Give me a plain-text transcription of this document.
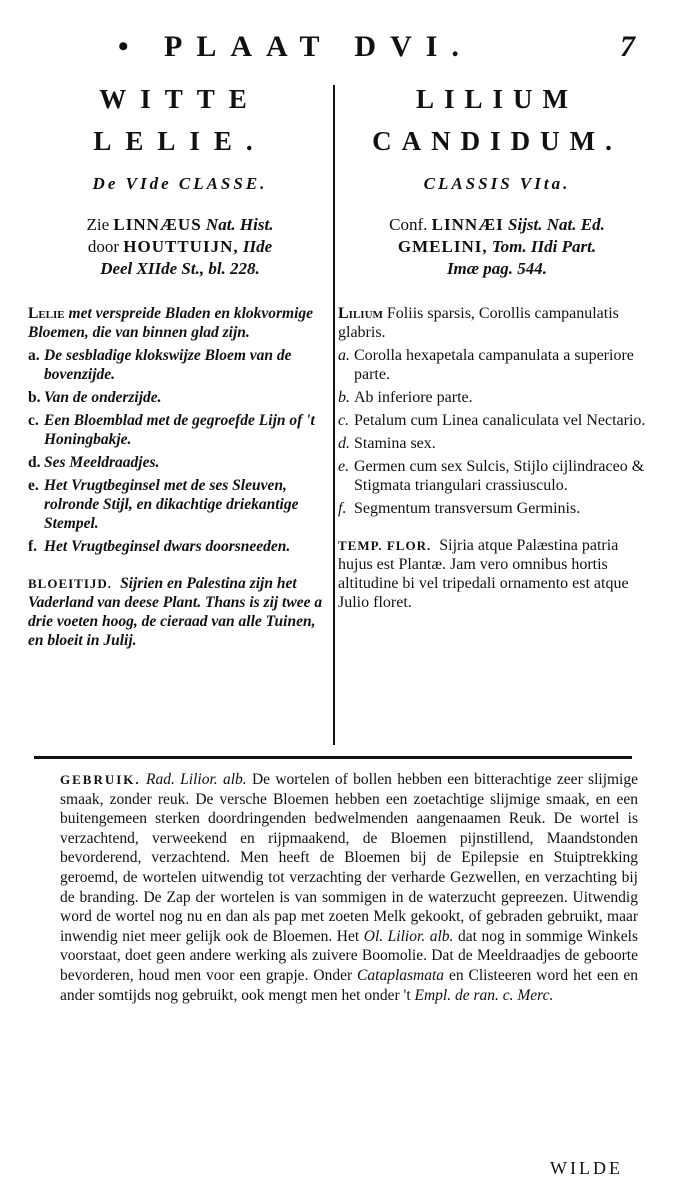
• PLAAT DVI.	7
WITTE
LELIE.
De VIde CLASSE.
Zie LINNÆUS Nat. Hist.
door HOUTTUIJN, IIde
Deel XIIde St., bl. 228.
Lelie met verspreide Bladen en klokvormige Bloemen, die van binnen glad zijn.
a. De sesbladige klokswijze Bloem van de bovenzijde.
b. Van de onderzijde.
c. Een Bloemblad met de gegroefde Lijn of 't Honingbakje.
d. Ses Meeldraadjes.
e. Het Vrugtbeginsel met de ses Sleuven, rolronde Stijl, en dikachtige driekantige Stempel.
f. Het Vrugtbeginsel dwars doorsneeden.
BLOEITIJD. Sijrien en Palestina zijn het Vaderland van deese Plant. Thans is zij twee a drie voeten hoog, de cieraad van alle Tuinen, en bloeit in Julij.
LILIUM
CANDIDUM.
CLASSIS VIta.
Conf. LINNÆI Sijst. Nat. Ed.
GMELINI, Tom. IIdi Part.
Imæ pag. 544.
Lilium Foliis sparsis, Corollis campanulatis glabris.
a. Corolla hexapetala campanulata a superiore parte.
b. Ab inferiore parte.
c. Petalum cum Linea canaliculata vel Nectario.
d. Stamina sex.
e. Germen cum sex Sulcis, Stijlo cijlindraceo & Stigmata triangulari crassiusculo.
f. Segmentum transversum Germinis.
TEMP. FLOR. Sijria atque Palæstina patria hujus est Plantæ. Jam vero omnibus hortis altitudine bi vel tripedali ornamento est atque Julio floret.
GEBRUIK. Rad. Lilior. alb. De wortelen of bollen hebben een bitterachtige zeer slijmige smaak, zonder reuk. De versche Bloemen hebben een zoetachtige slijmige smaak, en een buitengemeen sterken doordringenden bedwelmenden aangenaamen Reuk. De wortel is verzachtend, verweekend en rijpmaakend, de Bloemen pijnstillend, Maandstonden bevorderend, verzachtend. Men heeft de Bloemen bij de Epilepsie en Stuiptrekking geroemd, de wortelen uitwendig tot verzachting der verharde Gezwellen, en verzachting bij de branding. De Zap der wortelen is van sommigen in de waterzucht gepreezen. Uitwendig word de wortel nog nu en dan als pap met zoeten Melk gekookt, of gebraden gebruikt, maar inwendig niet meer gelijk ook de Bloemen. Het Ol. Lilior. alb. dat nog in sommige Winkels voorstaat, doet geen andere werking als zuivere Boomolie. Dat de Meeldraadjes de geboorte bevorderen, houd men voor een grapje. Onder Cataplasmata en Clisteeren word het een en ander somtijds nog gebruikt, ook mengt men het onder 't Empl. de ran. c. Merc.
WILDE
